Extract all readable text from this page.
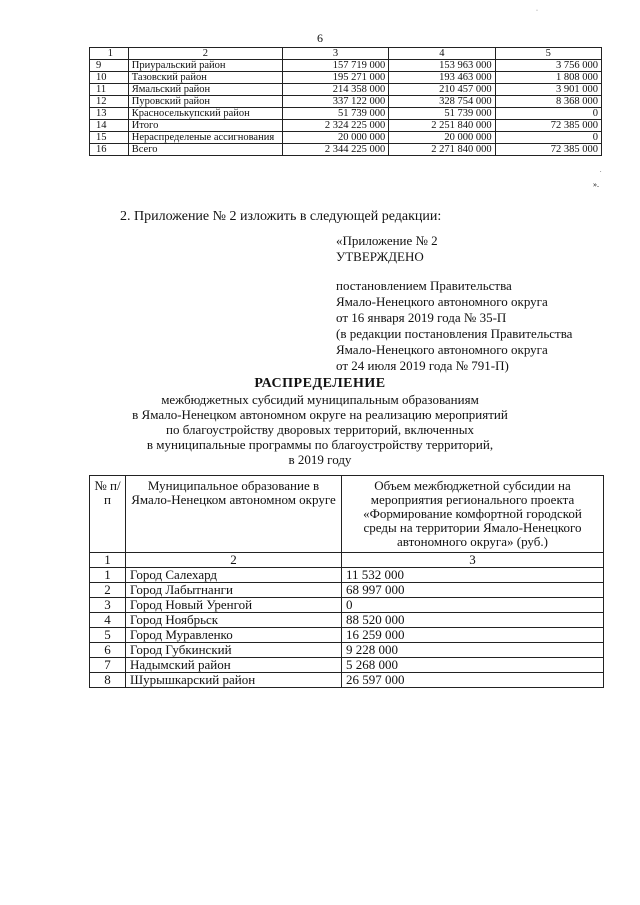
6
·
1	2	3	4	5
9	Приуральский район	157 719 000	153 963 000	3 756 000
10	Тазовский район	195 271 000	193 463 000	1 808 000
11	Ямальский район	214 358 000	210 457 000	3 901 000
12	Пуровский район	337 122 000	328 754 000	8 368 000
13	Красноселькупский район	51 739 000	51 739 000	0
14	Итого	2 324 225 000	2 251 840 000	72 385 000
15	Нераспределеные ассигнования	20 000 000	20 000 000	0
16	Всего	2 344 225 000	2 271 840 000	72 385 000
».
.
2. Приложение № 2 изложить в следующей редакции:
«Приложение № 2
УТВЕРЖДЕНО
постановлением Правительства
Ямало-Ненецкого автономного округа
от 16 января 2019 года № 35-П
(в редакции постановления Правительства
Ямало-Ненецкого автономного округа
от 24 июля 2019 года № 791-П)
РАСПРЕДЕЛЕНИЕ
межбюджетных субсидий муниципальным образованиям
в Ямало-Ненецком автономном округе на реализацию мероприятий
по благоустройству дворовых территорий, включенных
в муниципальные программы по благоустройству территорий,
в 2019 году
№ п/п	Муниципальное образование в Ямало-Ненецком автономном округе	Объем межбюджетной субсидии на мероприятия регионального проекта «Формирование комфортной городской среды на территории Ямало-Ненецкого автономного округа» (руб.)
1	2	3
1	Город Салехард	11 532 000
2	Город Лабытнанги	68 997 000
3	Город Новый Уренгой	0
4	Город Ноябрьск	88 520 000
5	Город Муравленко	16 259 000
6	Город Губкинский	9 228 000
7	Надымский район	5 268 000
8	Шурышкарский район	26 597 000
